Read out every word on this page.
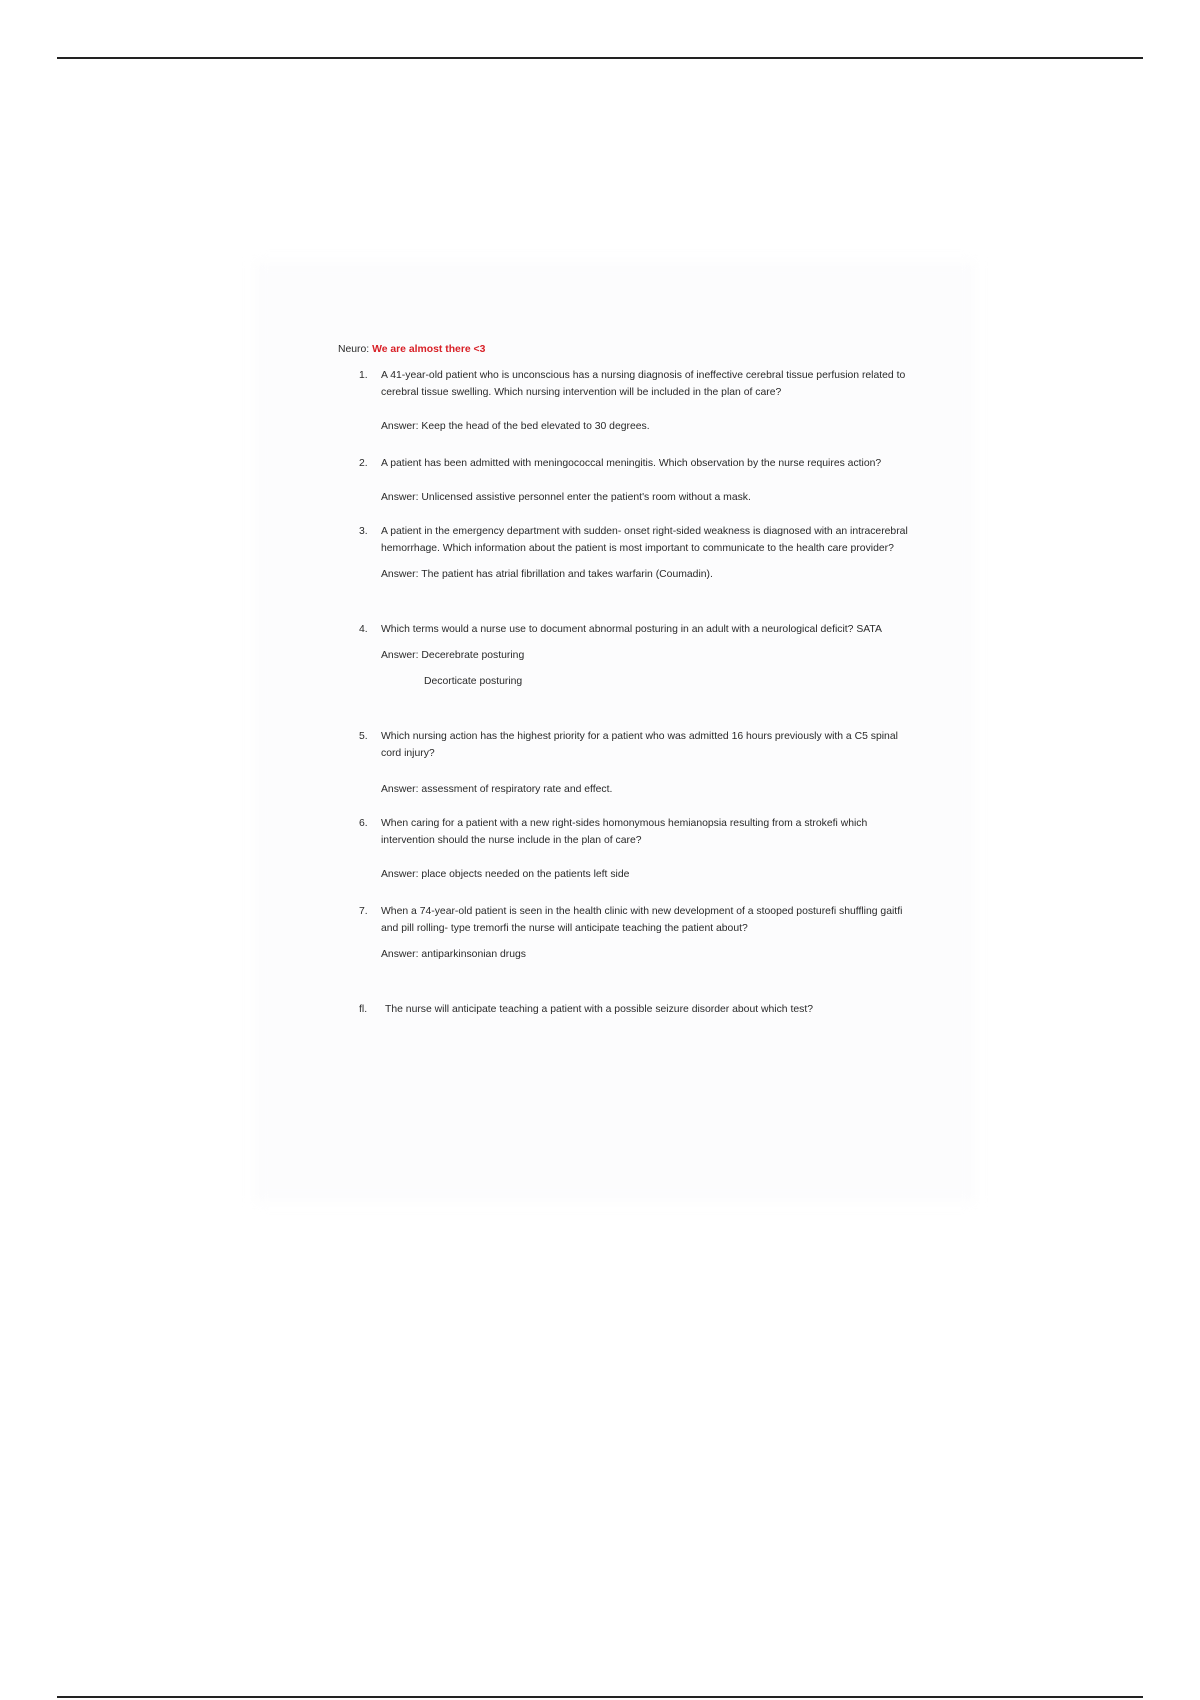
Neuro: We are almost there <3
1. A 41-year-old patient who is unconscious has a nursing diagnosis of ineffective cerebral tissue perfusion related to cerebral tissue swelling. Which nursing intervention will be included in the plan of care?

Answer: Keep the head of the bed elevated to 30 degrees.

2. A patient has been admitted with meningococcal meningitis. Which observation by the nurse requires action?

Answer: Unlicensed assistive personnel enter the patient's room without a mask.

3. A patient in the emergency department with sudden- onset right-sided weakness is diagnosed with an intracerebral hemorrhage. Which information about the patient is most important to communicate to the health care provider?

Answer: The patient has atrial fibrillation and takes warfarin (Coumadin).

4. Which terms would a nurse use to document abnormal posturing in an adult with a neurological deficit? SATA

Answer: Decerebrate posturing

Decorticate posturing

5. Which nursing action has the highest priority for a patient who was admitted 16 hours previously with a C5 spinal cord injury?

Answer: assessment of respiratory rate and effect.

6. When caring for a patient with a new right-sides homonymous hemianopsia resulting from a strokefi which intervention should the nurse include in the plan of care?

Answer: place objects needed on the patients left side

7. When a 74-year-old patient is seen in the health clinic with new development of a stooped posturefi shuffling gaitfi and pill rolling- type tremorfi the nurse will anticipate teaching the patient about?

Answer: antiparkinsonian drugs

fl. The nurse will anticipate teaching a patient with a possible seizure disorder about which test?
